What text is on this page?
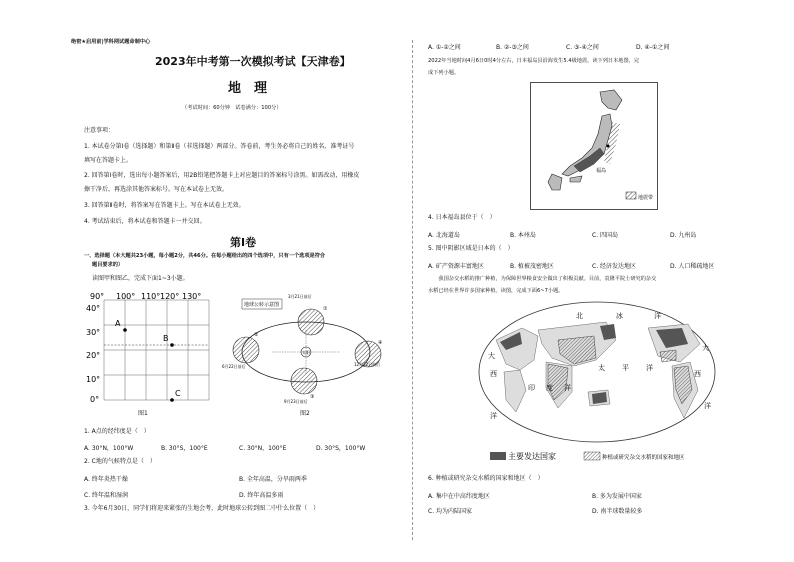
绝密★启用前|学科网试题命制中心
2023年中考第一次模拟考试【天津卷】
地　理
（考试时间：60分钟　试卷满分：100分）
注意事项：
1. 本试卷分第Ⅰ卷（选择题）和第Ⅱ卷（非选择题）两部分。答卷前，考生务必将自己的姓名、准考证号
填写在答题卡上。
2. 回答第Ⅰ卷时，选出每小题答案后，用2B铅笔把答题卡上对应题目的答案标号涂黑。如需改动，用橡皮
擦干净后，再选涂其他答案标号。写在本试卷上无效。
3. 回答第Ⅱ卷时，将答案写在答题卡上。写在本试卷上无效。
4. 考试结束后，将本试卷和答题卡一并交回。
第Ⅰ卷
一、选择题（本大题共23小题，每小题2分，共46分。在每小题给出的四个选项中，只有一个选项是符合
题目要求的）
读图甲和图乙，完成下面1~3小题。
90° 100° 110° 120° 130°
40°
30°
20°
10°
0°
A
B
C
图1
地球公转示意图
太阳
①
②
③
④
3月21日前后
6月22日前后
9月23日前后
12月22日前后
图2
1. A点的经纬度是（　）
A. 30°N，100°W	B. 30°S，100°E	C. 30°N，100°E	D. 30°S，100°W
2. C地的气候特点是（　）
A. 终年炎热干燥	B. 全年高温，分旱雨两季
C. 终年温和湿润	D. 终年高温多雨
3. 今年6月30日，同学们将迎来紧张的生地会考，此时地球公转到图二中什么位置（　）
A. ①-②之间	B. ②-③之间	C. ③-④之间	D. ④-①之间
2022年当地时间4月6日0时4分左右，日本福岛县沿海发生5.4级地震。读下列日本地图，完
成下列小题。
福岛
地震带
4. 日本福岛县位于（　）
A. 北海道岛	B. 本州岛	C. 四国岛	D. 九州岛
5. 图中阴影区域是日本的（　）
A. 矿产资源丰富地区	B. 植被茂密地区	C. 经济发达地区	D. 人口稀疏地区
　　我国杂交水稻的推广种植，为保障世界粮食安全做出了积极贡献。目前，袁隆平院士研究的杂交
水稻已经在世界许多国家种植。读图，完成下面6~7小题。
北	冰	洋
大
西
洋
太 平 洋
印 度 洋
大
洋
西
主要发达国家	种植或研究杂交水稻的国家和地区
6. 种植或研究杂交水稻的国家和地区（　）
A. 集中在中高纬度地区	B. 多为发展中国家
C. 均为内陆国家	D. 南半球数量较多
